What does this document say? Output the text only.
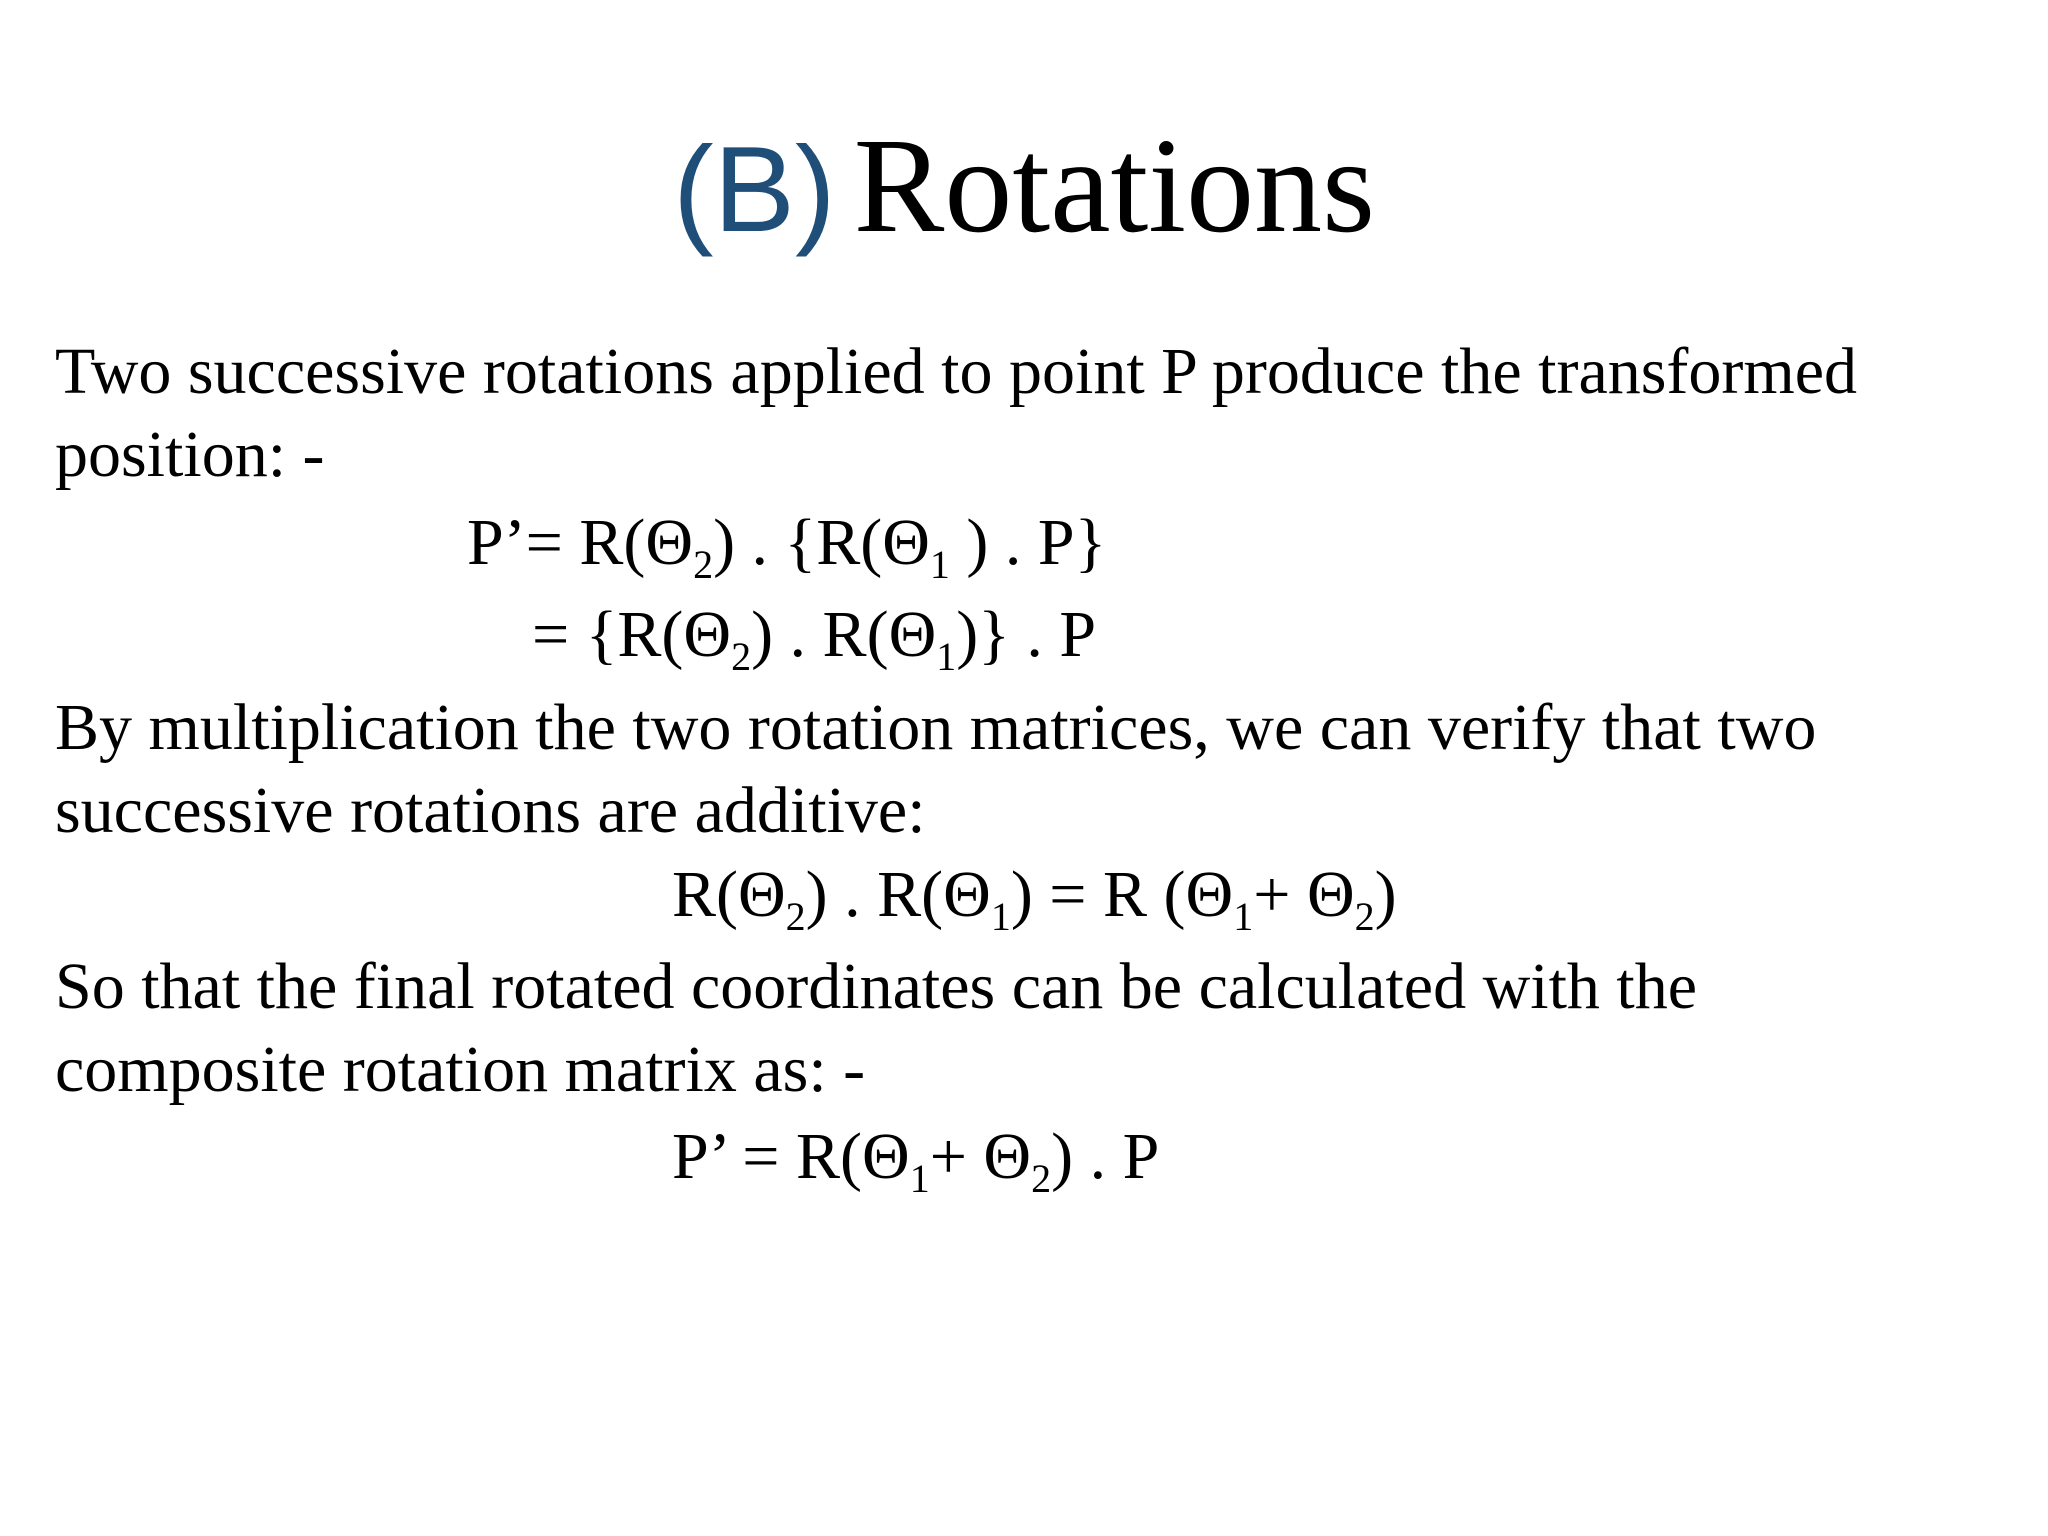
(B) Rotations
Two successive rotations applied to point P produce the transformed
position: -
P’= $R(\Theta_2)$ . {$R(\Theta_1$ ) . P}
= {$R(\Theta_2)$ . $R(\Theta_1)$} . P
By multiplication the two rotation matrices, we can verify that two
successive rotations are additive:
$R(\Theta_2)$ . $R(\Theta_1) = R$ $(\Theta_1+ \Theta_2)$
So that the final rotated coordinates can be calculated with the
composite rotation matrix as: -
P’ = $R(\Theta_1+ \Theta_2)$ . P
